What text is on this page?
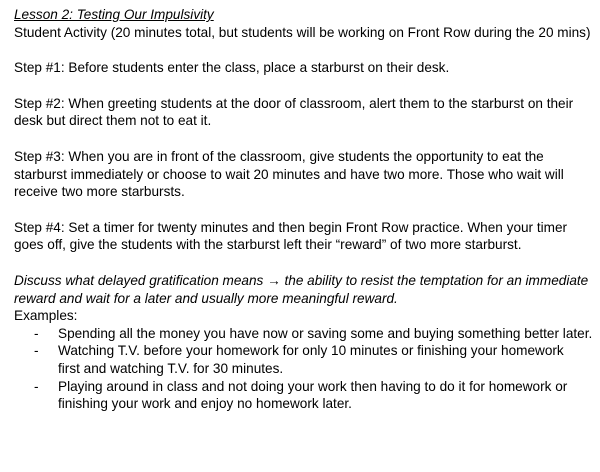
Lesson 2: Testing Our Impulsivity

Student Activity (20 minutes total, but students will be working on Front Row during the 20 mins)

Step #1: Before students enter the class, place a starburst on their desk.

Step #2: When greeting students at the door of classroom, alert them to the starburst on their

desk but direct them not to eat it.

Step #3: When you are in front of the classroom, give students the opportunity to eat the

starburst immediately or choose to wait 20 minutes and have two more. Those who wait will

receive two more starbursts.

Step #4: Set a timer for twenty minutes and then begin Front Row practice. When your timer

goes off, give the students with the starburst left their “reward” of two more starburst.

Discuss what delayed gratification means → the ability to resist the temptation for an immediate

reward and wait for a later and usually more meaningful reward.

Examples:

- Spending all the money you have now or saving some and buying something better later.
- Watching T.V. before your homework for only 10 minutes or finishing your homework
first and watching T.V. for 30 minutes.
- Playing around in class and not doing your work then having to do it for homework or
finishing your work and enjoy no homework later.
